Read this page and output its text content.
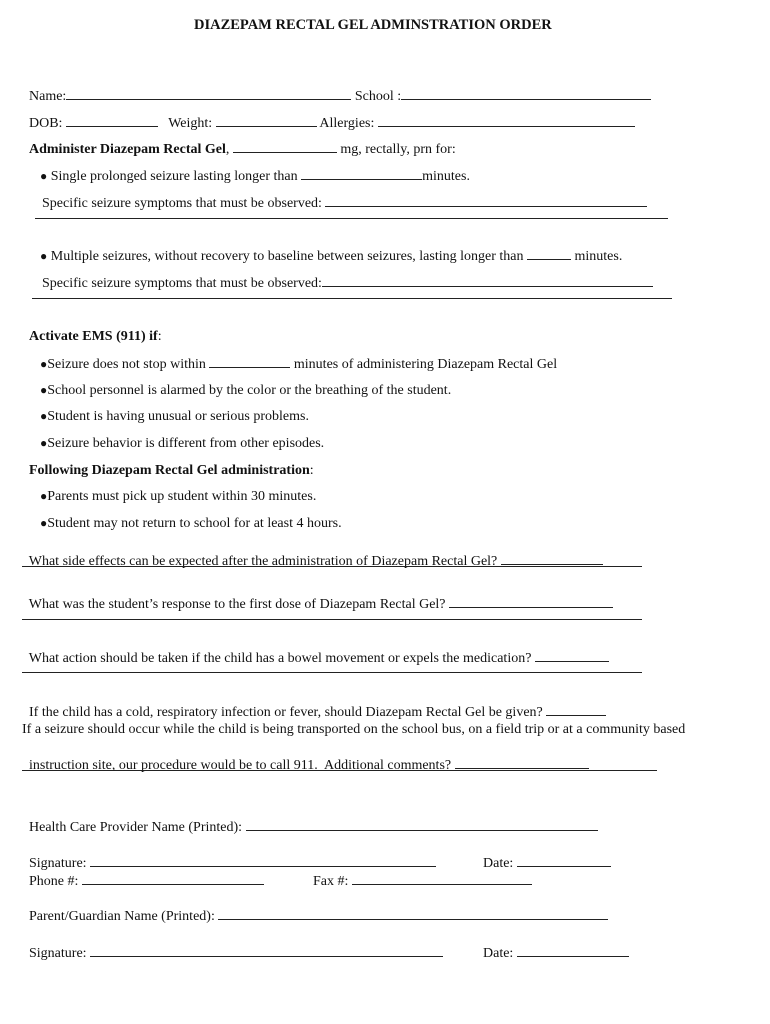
DIAZEPAM RECTAL GEL ADMINSTRATION ORDER

Name:	School :

DOB:	Weight:	Allergies:

Administer Diazepam Rectal Gel,	mg, rectally, prn for:

● Single prolonged seizure lasting longer than	minutes.

Specific seizure symptoms that must be observed:

● Multiple seizures, without recovery to baseline between seizures, lasting longer than	minutes.

Specific seizure symptoms that must be observed:

Activate EMS (911) if:

●Seizure does not stop within	minutes of administering Diazepam Rectal Gel

●School personnel is alarmed by the color or the breathing of the student.

●Student is having unusual or serious problems.

●Seizure behavior is different from other episodes.

Following Diazepam Rectal Gel administration:

●Parents must pick up student within 30 minutes.

●Student may not return to school for at least 4 hours.

What side effects can be expected after the administration of Diazepam Rectal Gel?

What was the student’s response to the first dose of Diazepam Rectal Gel?

What action should be taken if the child has a bowel movement or expels the medication?

If the child has a cold, respiratory infection or fever, should Diazepam Rectal Gel be given?

If a seizure should occur while the child is being transported on the school bus, on a field trip or at a community based

instruction site, our procedure would be to call 911.  Additional comments?

Health Care Provider Name (Printed):

Signature:	Date:

Phone #:	Fax #:

Parent/Guardian Name (Printed):

Signature:	Date:
